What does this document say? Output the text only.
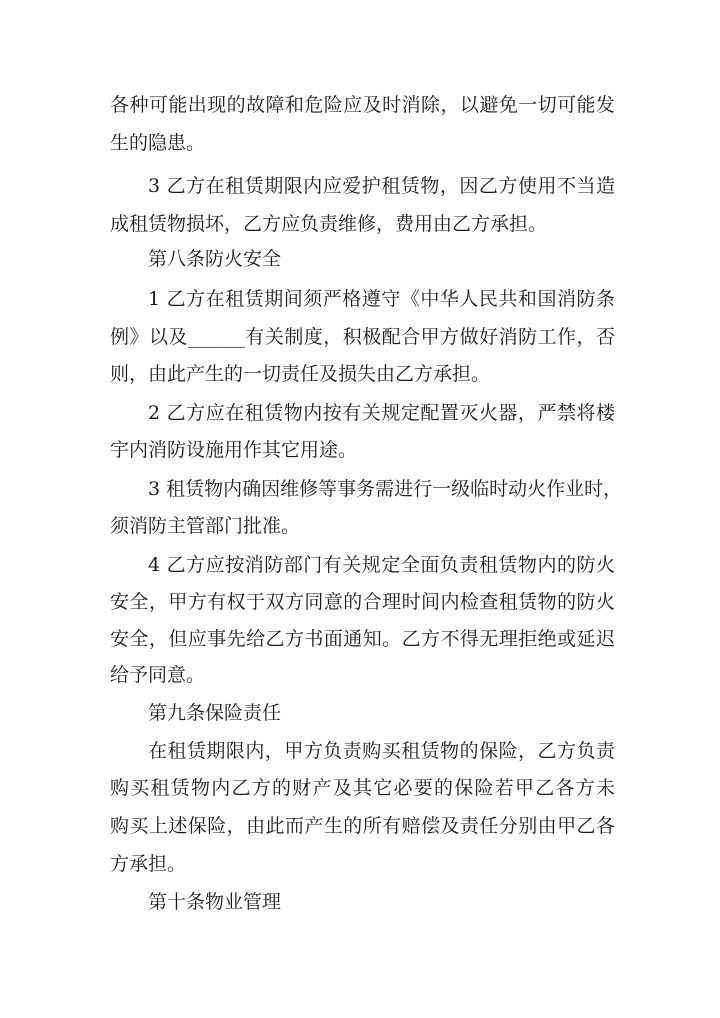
各种可能出现的故障和危险应及时消除，以避免一切可能发
生的隐患。
3 乙方在租赁期限内应爱护租赁物，因乙方使用不当造
成租赁物损坏，乙方应负责维修，费用由乙方承担。
第八条防火安全
1 乙方在租赁期间须严格遵守《中华人民共和国消防条
例》以及______有关制度，积极配合甲方做好消防工作，否
则，由此产生的一切责任及损失由乙方承担。
2 乙方应在租赁物内按有关规定配置灭火器，严禁将楼
宇内消防设施用作其它用途。
3 租赁物内确因维修等事务需进行一级临时动火作业时，
须消防主管部门批准。
4 乙方应按消防部门有关规定全面负责租赁物内的防火
安全，甲方有权于双方同意的合理时间内检查租赁物的防火
安全，但应事先给乙方书面通知。乙方不得无理拒绝或延迟
给予同意。
第九条保险责任
在租赁期限内，甲方负责购买租赁物的保险，乙方负责
购买租赁物内乙方的财产及其它必要的保险若甲乙各方未
购买上述保险，由此而产生的所有赔偿及责任分别由甲乙各
方承担。
第十条物业管理
